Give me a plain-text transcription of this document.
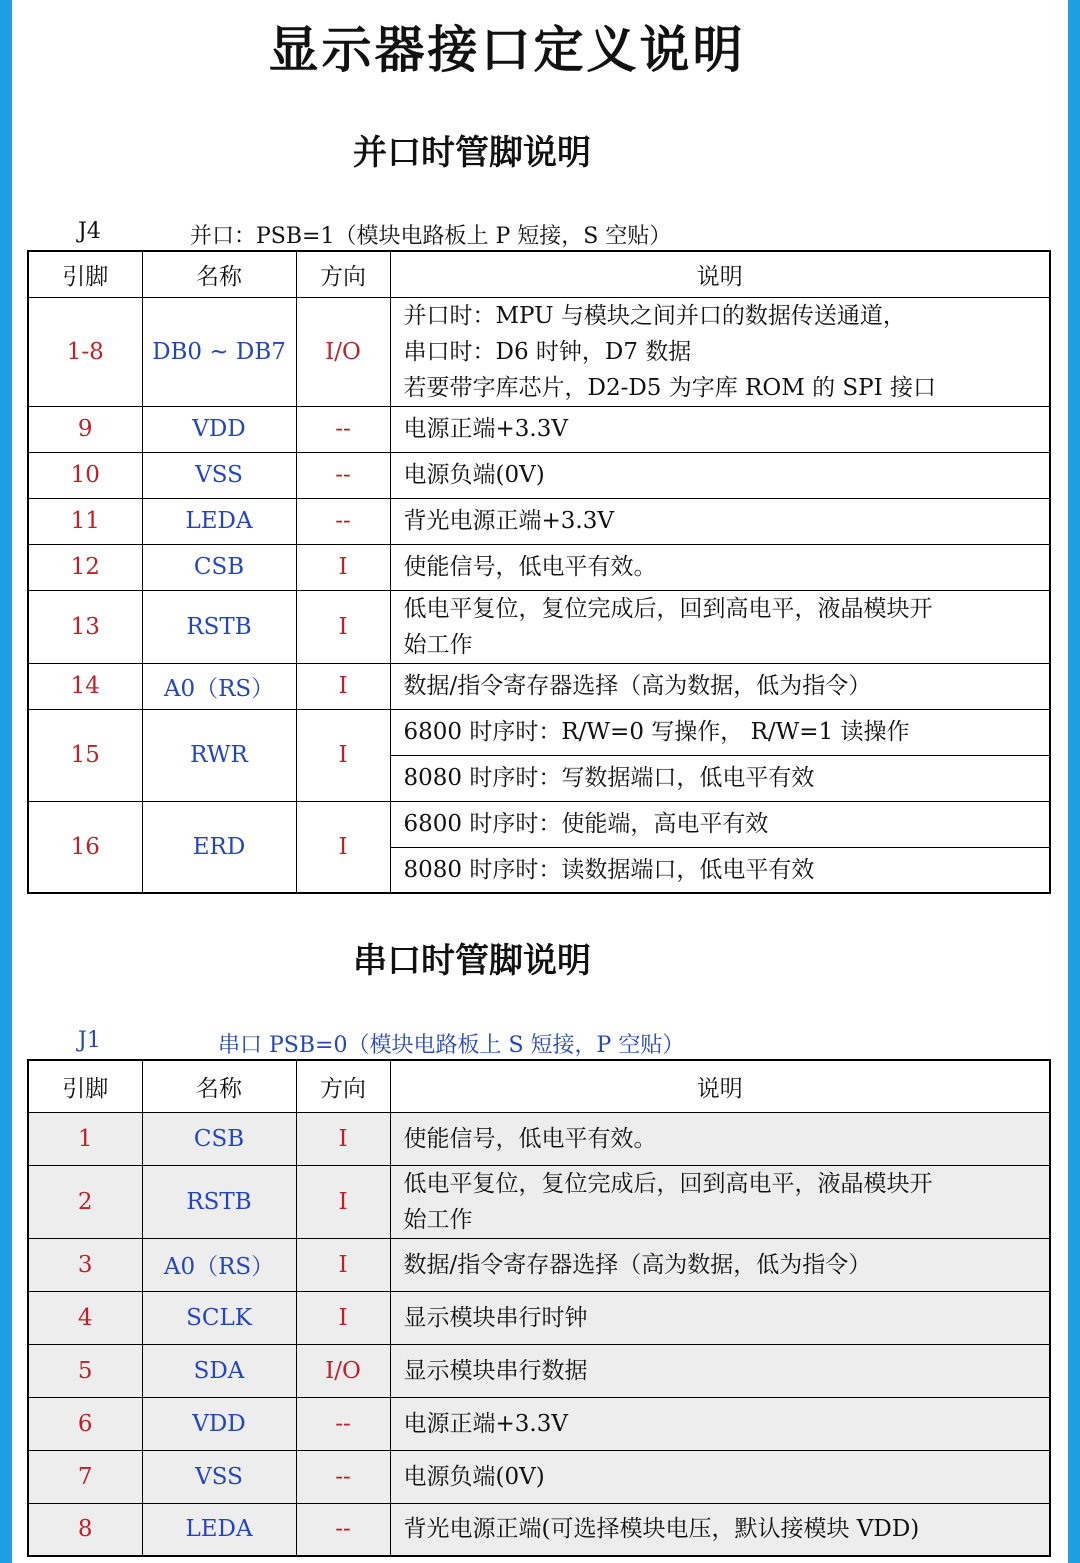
显示器接口定义说明
并口时管脚说明
J4	并口：PSB=1（模块电路板上 P 短接，S 空贴）
引脚	名称	方向	说明
1-8	DB0 ~ DB7	I/O	并口时：MPU 与模块之间并口的数据传送通道，
串口时：D6 时钟，D7 数据
若要带字库芯片，D2-D5 为字库 ROM 的 SPI 接口

9	VDD	--	电源正端+3.3V

10	VSS	--	电源负端(0V)

11	LEDA	--	背光电源正端+3.3V

12	CSB	I	使能信号，低电平有效。

13	RSTB	I	低电平复位，复位完成后，回到高电平，液晶模块开
始工作

14	A0（RS）	I	数据/指令寄存器选择（高为数据，低为指令）

15	RWR	I	6800 时序时：R/W=0 写操作， R/W=1 读操作
			8080 时序时：写数据端口，低电平有效
16	ERD	I	6800 时序时：使能端，高电平有效
			8080 时序时：读数据端口，低电平有效
串口时管脚说明
J1	串口 PSB=0（模块电路板上 S 短接，P 空贴）
引脚	名称	方向	说明
1	CSB	I	使能信号，低电平有效。

2	RSTB	I	低电平复位，复位完成后，回到高电平，液晶模块开
始工作

3	A0（RS）	I	数据/指令寄存器选择（高为数据，低为指令）

4	SCLK	I	显示模块串行时钟

5	SDA	I/O	显示模块串行数据

6	VDD	--	电源正端+3.3V

7	VSS	--	电源负端(0V)

8	LEDA	--	背光电源正端(可选择模块电压，默认接模块 VDD)
